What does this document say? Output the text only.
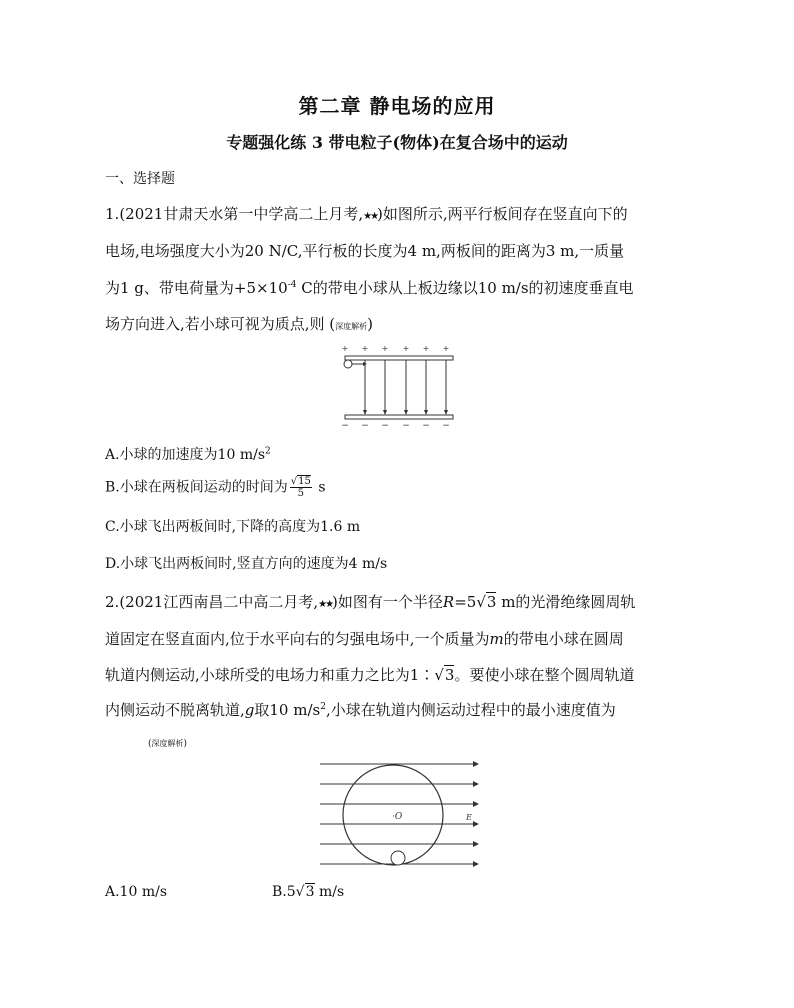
第二章 静电场的应用
专题强化练 3 带电粒子(物体)在复合场中的运动
一、选择题
1.(2021甘肃天水第一中学高二上月考,★★)如图所示,两平行板间存在竖直向下的
电场,电场强度大小为20 N/C,平行板的长度为4 m,两板间的距离为3 m,一质量
为1 g、带电荷量为$+5\times 10^{-4}$ C的带电小球从上板边缘以10 m/s的初速度垂直电
场方向进入,若小球可视为质点,则 (深度解析)
+ + + + + +
− − − − − −
A.小球的加速度为10 $m/s^2$
B.小球在两板间运动的时间为 $\frac{√15}{5}$ s
C.小球飞出两板间时,下降的高度为1.6 m
D.小球飞出两板间时,竖直方向的速度为4 m/s
2.(2021江西南昌二中高二月考,★★)如图有一个半径R=5√3 m的光滑绝缘圆周轨
道固定在竖直面内,位于水平向右的匀强电场中,一个质量为m的带电小球在圆周
轨道内侧运动,小球所受的电场力和重力之比为1∶√3。要使小球在整个圆周轨道
内侧运动不脱离轨道,g取10 $m/s^2$,小球在轨道内侧运动过程中的最小速度值为
(深度解析)
·O	E
A.10 m/s	B.5√3 m/s
